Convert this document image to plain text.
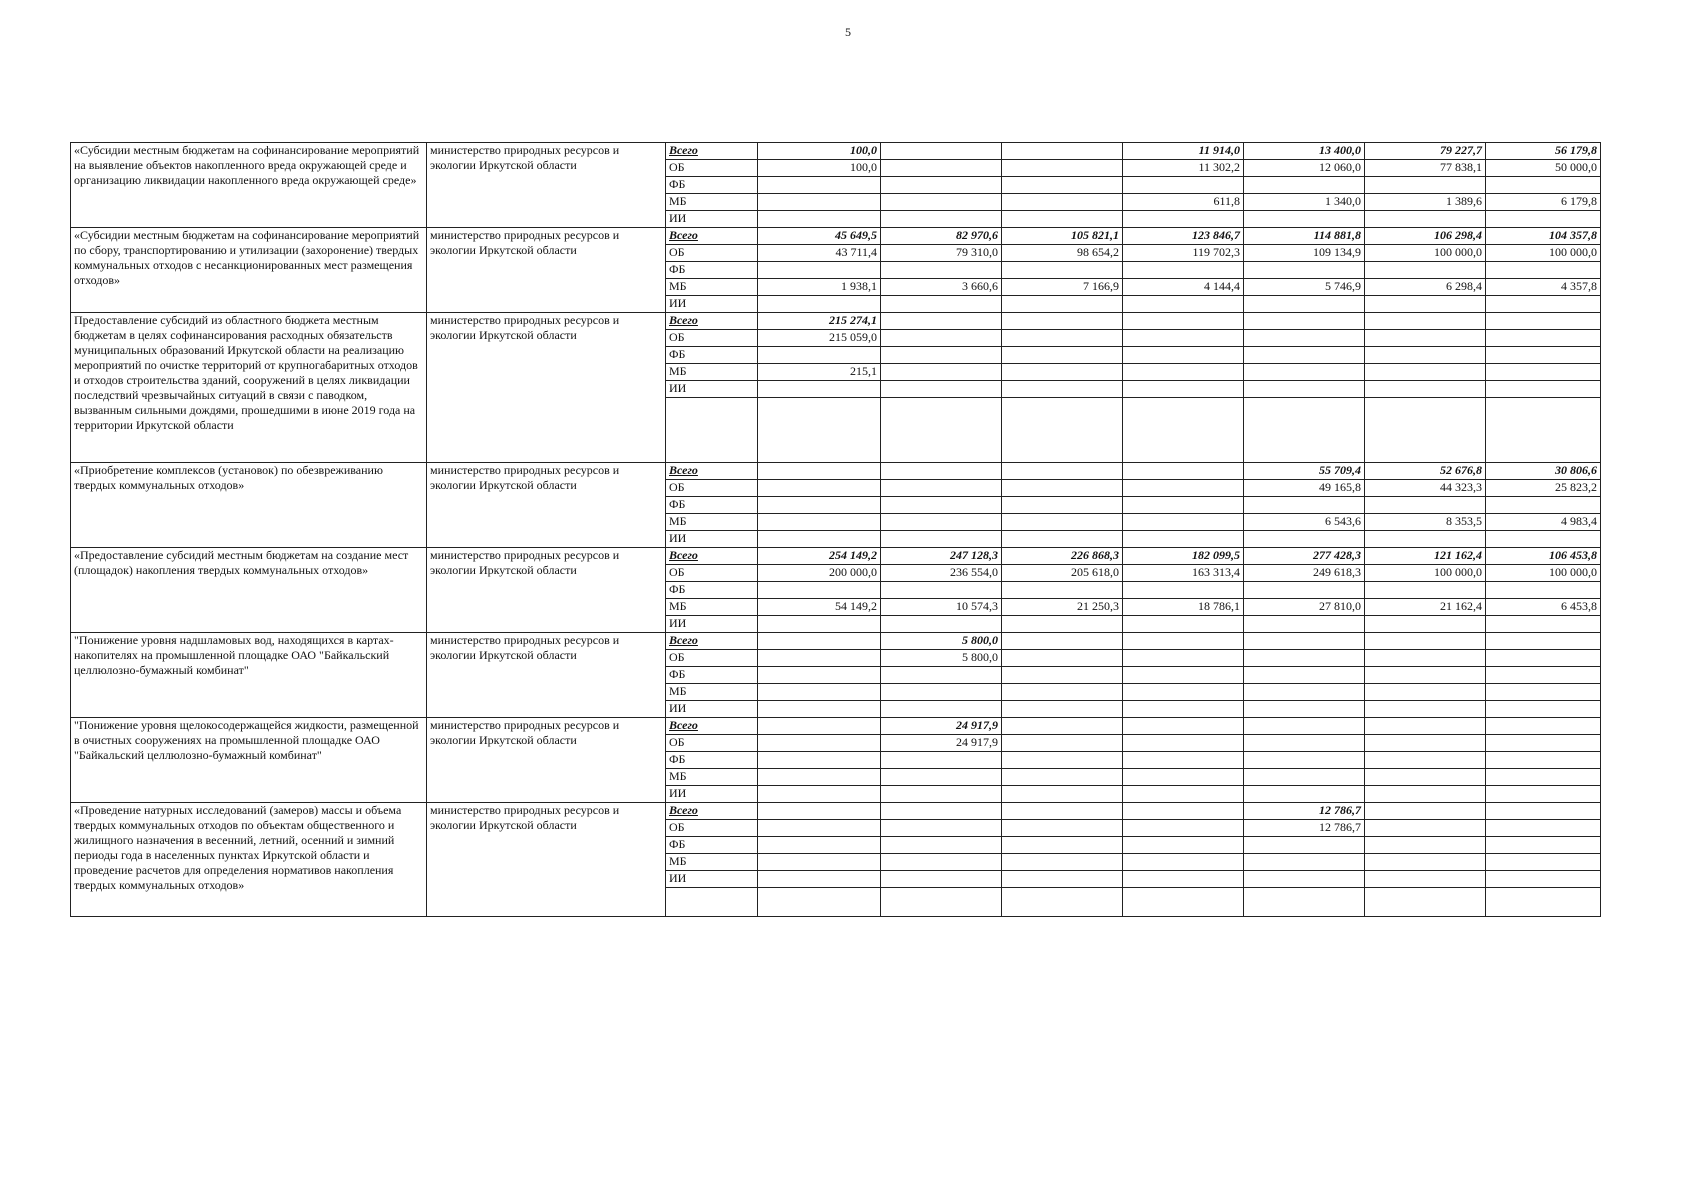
5
«Субсидии местным бюджетам на софинансирование мероприятий на выявление объектов накопленного вреда окружающей среде и организацию ликвидации накопленного вреда окружающей среде»	министерство природных ресурсов и экологии Иркутской области	Всего	100,0			11 914,0	13 400,0	79 227,7	56 179,8
		ОБ	100,0			11 302,2	12 060,0	77 838,1	50 000,0
		ФБ							
		МБ				611,8	1 340,0	1 389,6	6 179,8
		ИИ							
«Субсидии местным бюджетам на софинансирование мероприятий по сбору, транспортированию и утилизации (захоронение) твердых коммунальных отходов с несанкционированных мест размещения отходов»	министерство природных ресурсов и экологии Иркутской области	Всего	45 649,5	82 970,6	105 821,1	123 846,7	114 881,8	106 298,4	104 357,8
		ОБ	43 711,4	79 310,0	98 654,2	119 702,3	109 134,9	100 000,0	100 000,0
		ФБ							
		МБ	1 938,1	3 660,6	7 166,9	4 144,4	5 746,9	6 298,4	4 357,8
		ИИ							
Предоставление субсидий из областного бюджета местным бюджетам в целях софинансирования расходных обязательств муниципальных образований Иркутской области на реализацию мероприятий по очистке территорий от крупногабаритных отходов и отходов строительства зданий, сооружений в целях ликвидации последствий чрезвычайных ситуаций в связи с паводком, вызванным сильными дождями, прошедшими в июне 2019 года на территории Иркутской области	министерство природных ресурсов и экологии Иркутской области	Всего	215 274,1						
		ОБ	215 059,0						
		ФБ							
		МБ	215,1						
		ИИ							

«Приобретение комплексов (установок) по обезвреживанию твердых коммунальных отходов»	министерство природных ресурсов и экологии Иркутской области	Всего					55 709,4	52 676,8	30 806,6
		ОБ					49 165,8	44 323,3	25 823,2
		ФБ							
		МБ					6 543,6	8 353,5	4 983,4
		ИИ							
«Предоставление субсидий местным бюджетам на создание мест (площадок) накопления твердых коммунальных отходов»	министерство природных ресурсов и экологии Иркутской области	Всего	254 149,2	247 128,3	226 868,3	182 099,5	277 428,3	121 162,4	106 453,8
		ОБ	200 000,0	236 554,0	205 618,0	163 313,4	249 618,3	100 000,0	100 000,0
		ФБ							
		МБ	54 149,2	10 574,3	21 250,3	18 786,1	27 810,0	21 162,4	6 453,8
		ИИ							
"Понижение уровня надшламовых вод, находящихся в картах-накопителях на промышленной площадке ОАО "Байкальский целлюлозно-бумажный комбинат"	министерство природных ресурсов и экологии Иркутской области	Всего		5 800,0					
		ОБ		5 800,0					
		ФБ							
		МБ							
		ИИ							
"Понижение уровня щелокосодержащейся жидкости, размещенной в очистных сооружениях на промышленной площадке ОАО "Байкальский целлюлозно-бумажный комбинат"	министерство природных ресурсов и экологии Иркутской области	Всего		24 917,9					
		ОБ		24 917,9					
		ФБ							
		МБ							
		ИИ							
«Проведение натурных исследований (замеров) массы и объема твердых коммунальных отходов по объектам общественного и жилищного назначения в весенний, летний, осенний и зимний периоды года в населенных пунктах Иркутской области и проведение расчетов для определения нормативов накопления твердых коммунальных отходов»	министерство природных ресурсов и экологии Иркутской области	Всего					12 786,7		
		ОБ					12 786,7		
		ФБ							
		МБ							
		ИИ							
